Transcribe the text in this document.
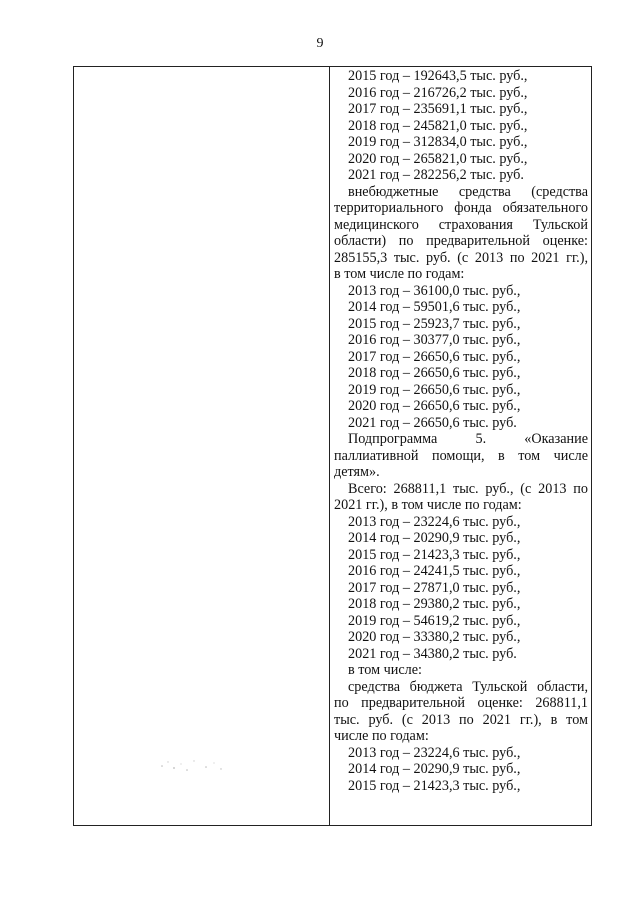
9
2015 год – 192643,5 тыс. руб.,
2016 год – 216726,2 тыс. руб.,
2017 год – 235691,1 тыс. руб.,
2018 год – 245821,0 тыс. руб.,
2019 год – 312834,0 тыс. руб.,
2020 год – 265821,0 тыс. руб.,
2021 год – 282256,2 тыс. руб.
внебюджетные средства (средства
территориального фонда обязательного
медицинского страхования Тульской
области) по предварительной оценке:
285155,3 тыс. руб. (с 2013 по 2021 гг.),
в том числе по годам:
2013 год – 36100,0 тыс. руб.,
2014 год – 59501,6 тыс. руб.,
2015 год – 25923,7 тыс. руб.,
2016 год – 30377,0 тыс. руб.,
2017 год – 26650,6 тыс. руб.,
2018 год – 26650,6 тыс. руб.,
2019 год – 26650,6 тыс. руб.,
2020 год – 26650,6 тыс. руб.,
2021 год – 26650,6 тыс. руб.
Подпрограмма 5. «Оказание
паллиативной помощи, в том числе
детям».
Всего: 268811,1 тыс. руб., (с 2013 по
2021 гг.), в том числе по годам:
2013 год – 23224,6 тыс. руб.,
2014 год – 20290,9 тыс. руб.,
2015 год – 21423,3 тыс. руб.,
2016 год – 24241,5 тыс. руб.,
2017 год – 27871,0 тыс. руб.,
2018 год – 29380,2 тыс. руб.,
2019 год – 54619,2 тыс. руб.,
2020 год – 33380,2 тыс. руб.,
2021 год – 34380,2 тыс. руб.
в том числе:
средства бюджета Тульской области,
по предварительной оценке: 268811,1
тыс. руб. (с 2013 по 2021 гг.), в том
числе по годам:
2013 год – 23224,6 тыс. руб.,
2014 год – 20290,9 тыс. руб.,
2015 год – 21423,3 тыс. руб.,
